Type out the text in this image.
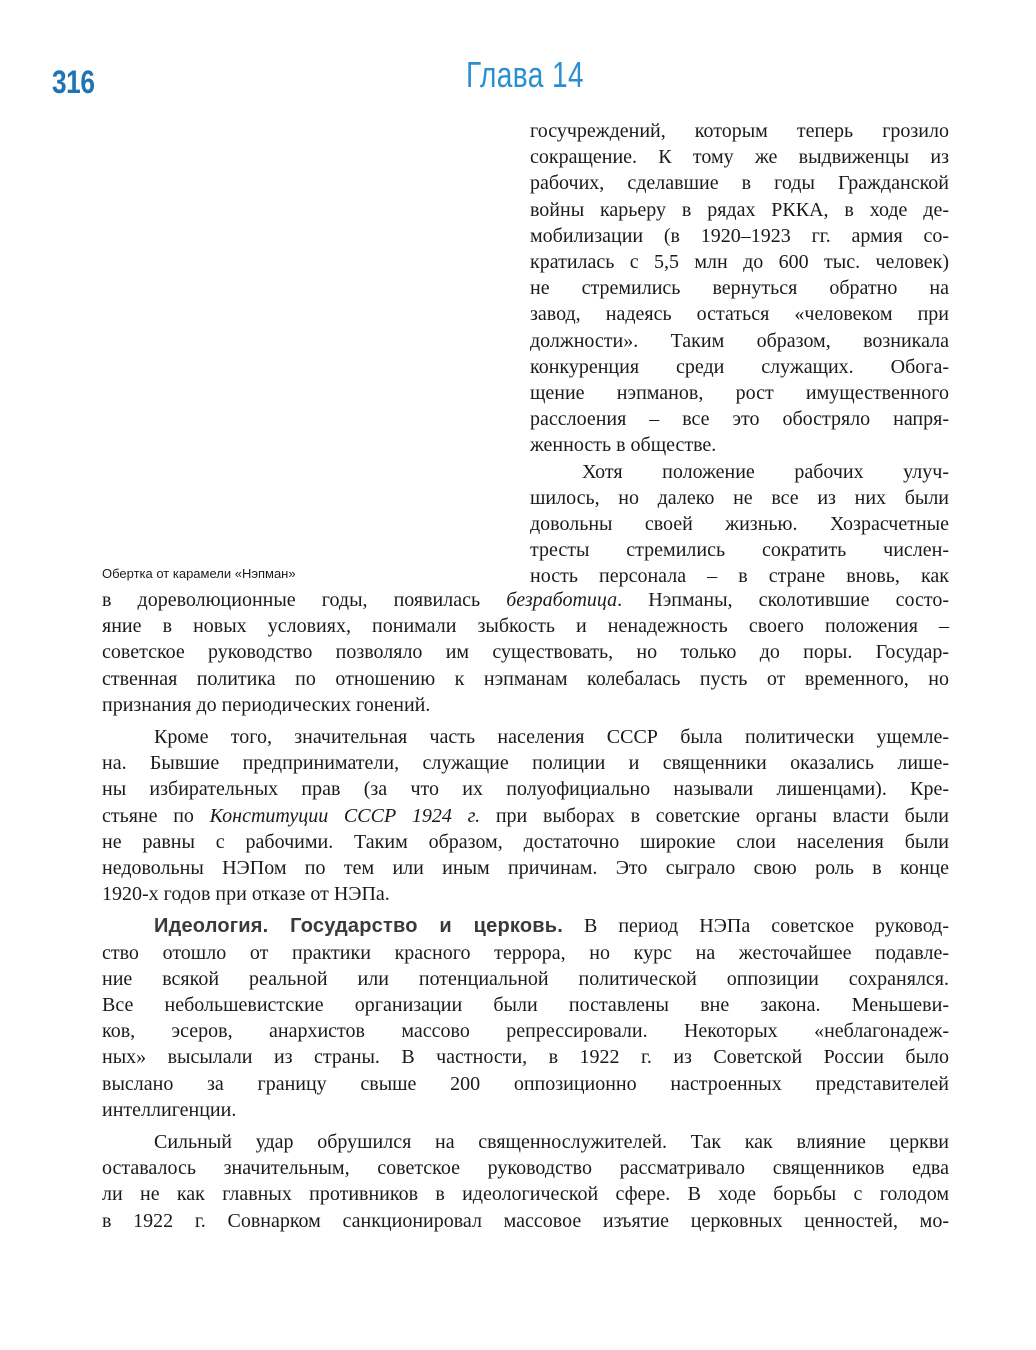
316	Глава 14
Обертка от карамели «Нэпман»
госучреждений, которым теперь грозило
сокращение. К тому же выдвиженцы из
рабочих, сделавшие в годы Гражданской
войны карьеру в рядах РККА, в ходе де-
мобилизации (в 1920–1923 гг. армия со-
кратилась с 5,5 млн до 600 тыс. человек)
не стремились вернуться обратно на
завод, надеясь остаться «человеком при
должности». Таким образом, возникала
конкуренция среди служащих. Обога-
щение нэпманов, рост имущественного
расслоения – все это обостряло напря-
женность в обществе.
Хотя положение рабочих улуч-
шилось, но далеко не все из них были
довольны своей жизнью. Хозрасчетные
тресты стремились сократить числен-
ность персонала – в стране вновь, как
в дореволюционные годы, появилась безработица. Нэпманы, сколотившие состо-
яние в новых условиях, понимали зыбкость и ненадежность своего положения –
советское руководство позволяло им существовать, но только до поры. Государ-
ственная политика по отношению к нэпманам колебалась пусть от временного, но
признания до периодических гонений.
Кроме того, значительная часть населения СССР была политически ущемле-
на. Бывшие предприниматели, служащие полиции и священники оказались лише-
ны избирательных прав (за что их полуофициально называли лишенцами). Кре-
стьяне по Конституции СССР 1924 г. при выборах в советские органы власти были
не равны с рабочими. Таким образом, достаточно широкие слои населения были
недовольны НЭПом по тем или иным причинам. Это сыграло свою роль в конце
1920-х годов при отказе от НЭПа.
Идеология. Государство и церковь. В период НЭПа советское руковод-
ство отошло от практики красного террора, но курс на жесточайшее подавле-
ние всякой реальной или потенциальной политической оппозиции сохранялся.
Все небольшевистские организации были поставлены вне закона. Меньшеви-
ков, эсеров, анархистов массово репрессировали. Некоторых «неблагонадеж-
ных» высылали из страны. В частности, в 1922 г. из Советской России было
выслано за границу свыше 200 оппозиционно настроенных представителей
интеллигенции.
Сильный удар обрушился на священнослужителей. Так как влияние церкви
оставалось значительным, советское руководство рассматривало священников едва
ли не как главных противников в идеологической сфере. В ходе борьбы с голодом
в 1922 г. Совнарком санкционировал массовое изъятие церковных ценностей, мо-
